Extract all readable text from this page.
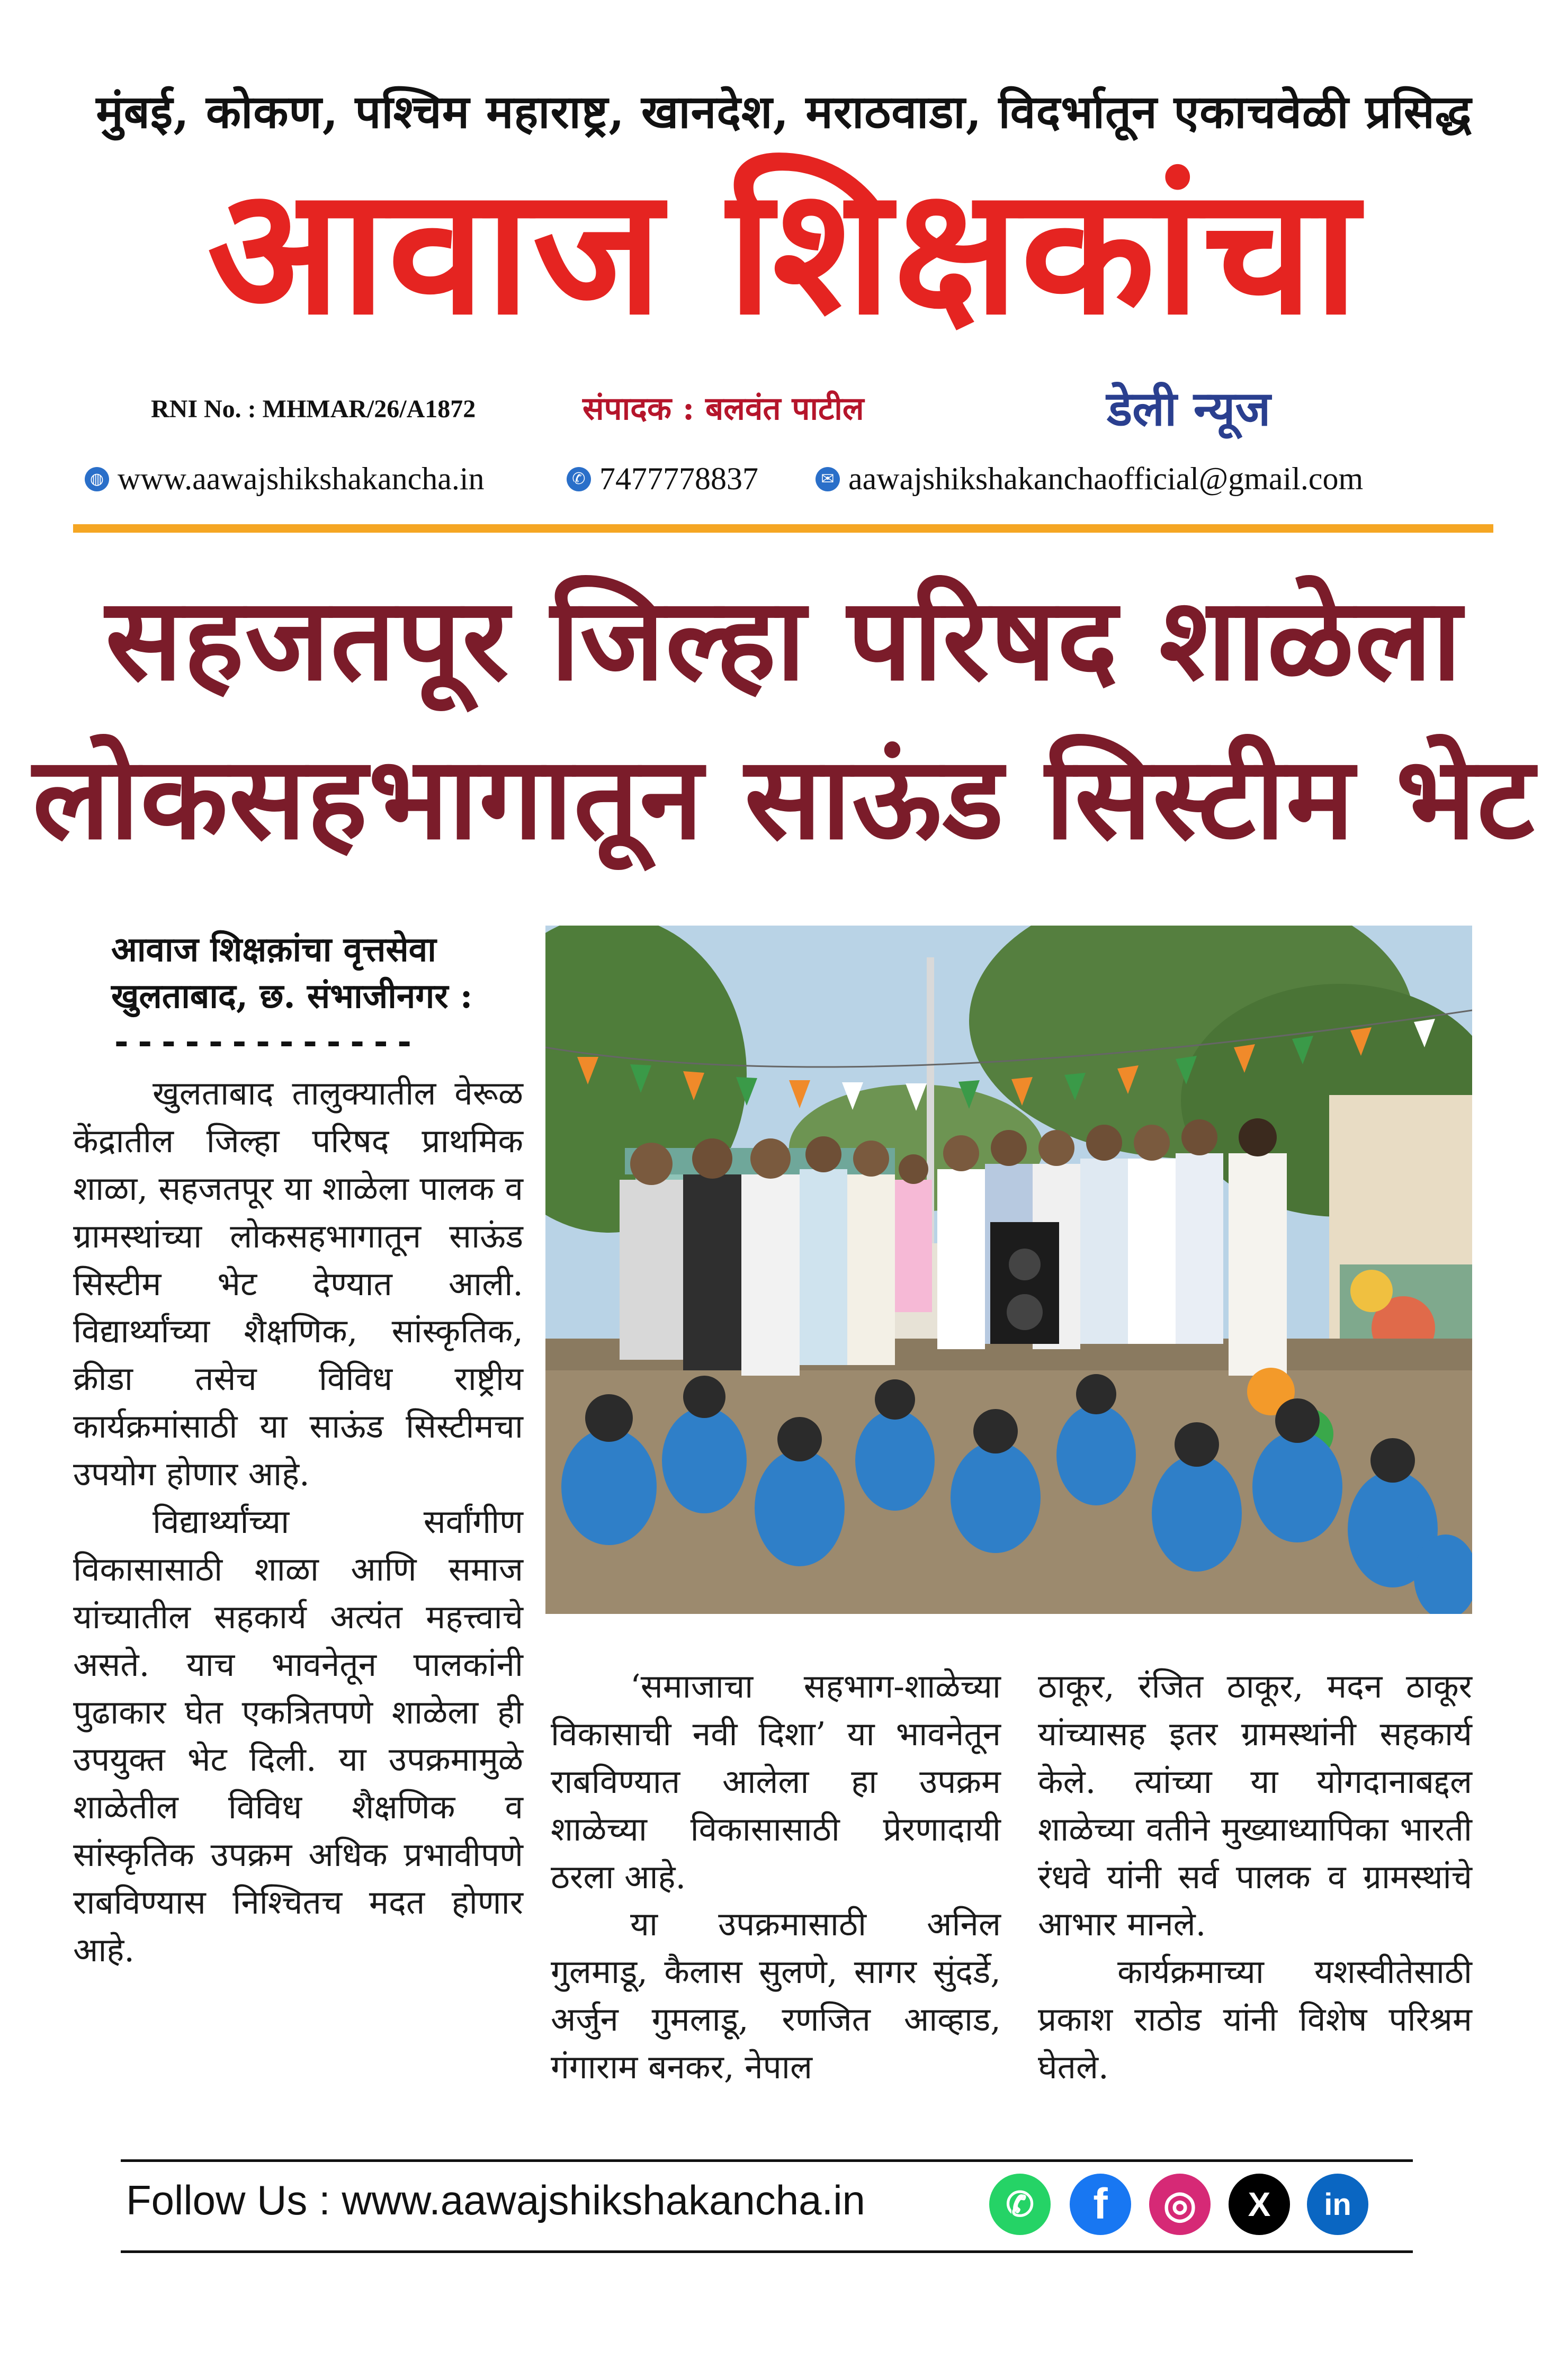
मुंबई, कोकण, पश्चिम महाराष्ट्र, खानदेश, मराठवाडा, विदर्भातून एकाचवेळी प्रसिद्ध
आवाज शिक्षकांचा
RNI No. : MHMAR/26/A1872	संपादक : बलवंत पाटील	डेली न्यूज
◍ www.aawajshikshakancha.in	✆ 7477778837	✉ aawajshikshakanchaofficial@gmail.com
सहजतपूर जिल्हा परिषद शाळेला
लोकसहभागातून साऊंड सिस्टीम भेट
आवाज शिक्षक़ांचा वृत्तसेवा
खुलताबाद, छ. संभाजीनगर :
-------------

खुलताबाद तालुक्यातील वेरूळ केंद्रातील जिल्हा परिषद प्राथमिक शाळा, सहजतपूर या शाळेला पालक व ग्रामस्थांच्या लोकसहभागातून साऊंड सिस्टीम भेट देण्यात आली. विद्यार्थ्यांच्या शैक्षणिक, सांस्कृतिक, क्रीडा तसेच विविध राष्ट्रीय कार्यक्रमांसाठी या साऊंड सिस्टीमचा उपयोग होणार आहे.

विद्यार्थ्यांच्या सर्वांगीण विकासासाठी शाळा आणि समाज यांच्यातील सहकार्य अत्यंत महत्त्वाचे असते. याच भावनेतून पालकांनी पुढाकार घेत एकत्रितपणे शाळेला ही उपयुक्त भेट दिली. या उपक्रमामुळे शाळेतील विविध शैक्षणिक व सांस्कृतिक उपक्रम अधिक प्रभावीपणे राबविण्यास निश्चितच मदत होणार आहे.

‘समाजाचा सहभाग-शाळेच्या विकासाची नवी दिशा’ या भावनेतून राबविण्यात आलेला हा उपक्रम शाळेच्या विकासासाठी प्रेरणादायी ठरला आहे.

या उपक्रमासाठी अनिल गुलमाडू, कैलास सुलणे, सागर सुंदर्डे, अर्जुन गुमलाडू, रणजित आव्हाड, गंगाराम बनकर, नेपाल

ठाकूर, रंजित ठाकूर, मदन ठाकूर यांच्यासह इतर ग्रामस्थांनी सहकार्य केले. त्यांच्या या योगदानाबद्दल शाळेच्या वतीने मुख्याध्यापिका भारती रंधवे यांनी सर्व पालक व ग्रामस्थांचे आभार मानले.

कार्यक्रमाच्या यशस्वीतेसाठी प्रकाश राठोड यांनी विशेष परिश्रम घेतले.

Follow Us : www.aawajshikshakancha.in	✆ f ◎ X in
